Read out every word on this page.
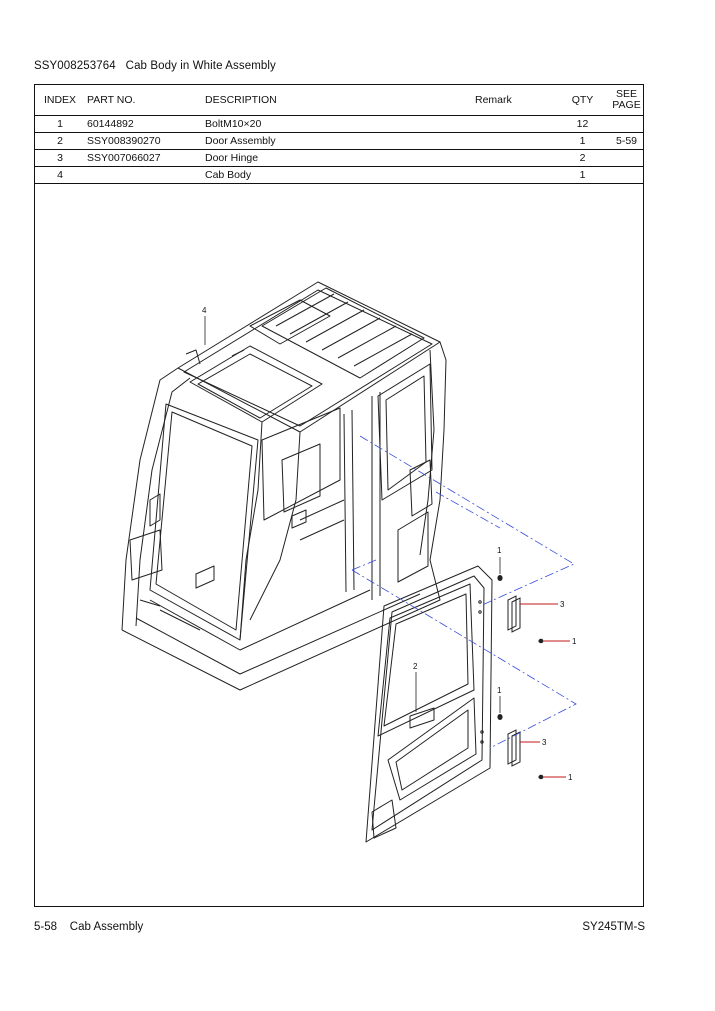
SSY008253764   Cab Body in White Assembly
INDEX	PART NO.	DESCRIPTION	Remark	QTY	SEE PAGE
1	60144892	BoltM10×20		12	
2	SSY008390270	Door Assembly		1	5-59
3	SSY007066027	Door Hinge		2	
4		Cab Body		1	
4
2
1
3
1
1
3
1
5-58    Cab Assembly	SY245TM-S
